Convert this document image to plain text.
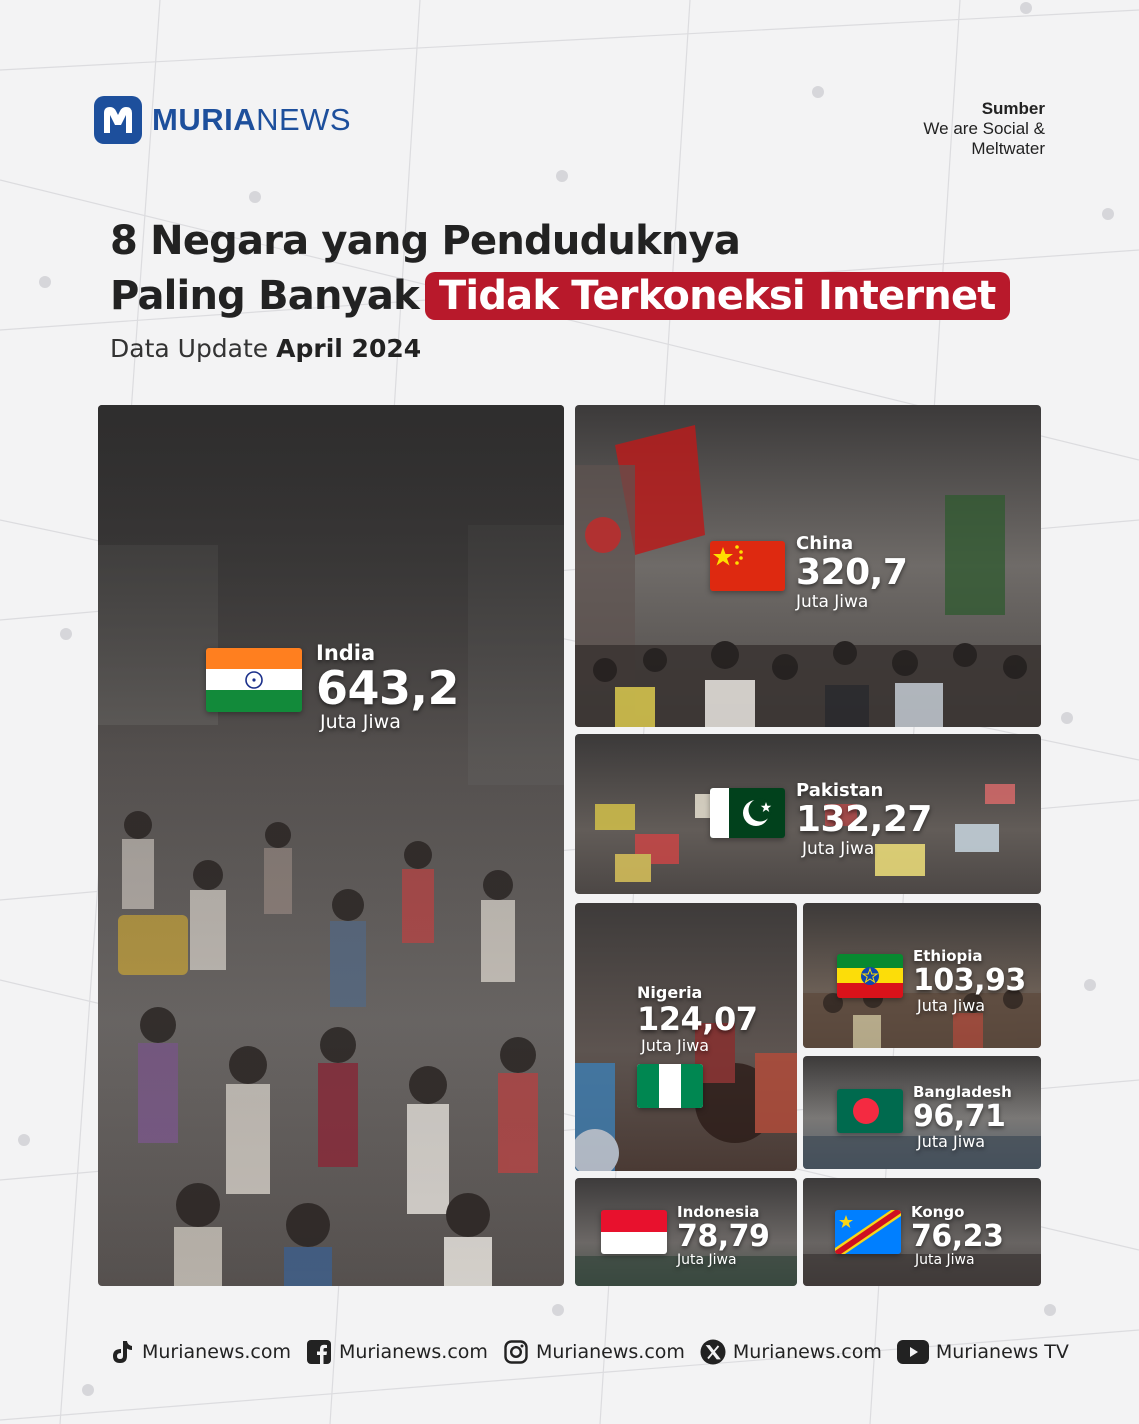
MURIANEWS	Sumber
We are Social & Meltwater
8 Negara yang Penduduknya
Paling Banyak Tidak Terkoneksi Internet
Data Update April 2024
India
643,2
Juta Jiwa
China
320,7
Juta Jiwa
Pakistan
132,27
Juta Jiwa
Nigeria
124,07
Juta Jiwa
Ethiopia
103,93
Juta Jiwa
Bangladesh
96,71
Juta Jiwa
Indonesia
78,79
Juta Jiwa
Kongo
76,23
Juta Jiwa
Murianews.com	Murianews.com	Murianews.com	Murianews.com	Murianews TV
